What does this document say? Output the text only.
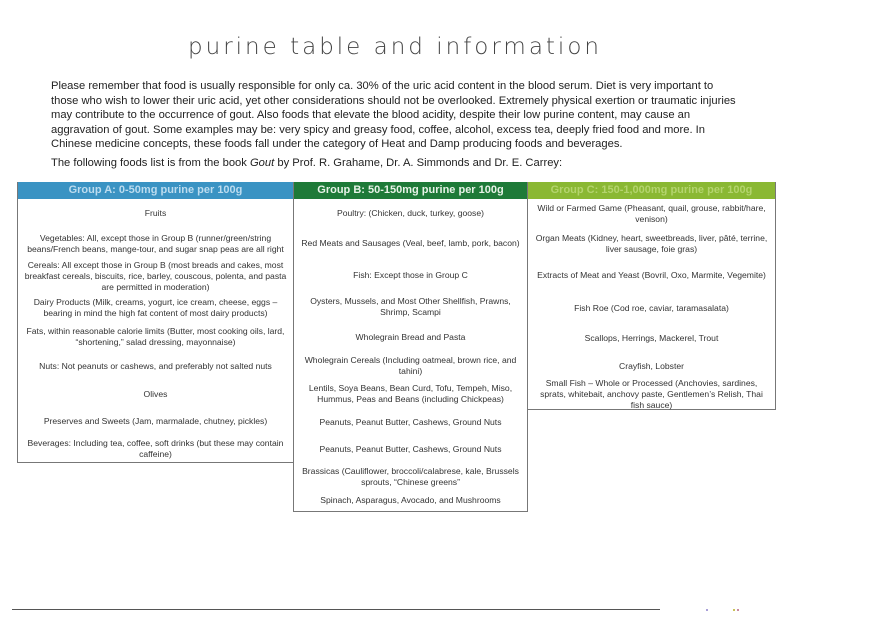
purine table and information
Please remember that food is usually responsible for only ca. 30% of the uric acid content in the blood serum. Diet is very important to those who wish to lower their uric acid, yet other considerations should not be overlooked. Extremely physical exertion or traumatic injuries may contribute to the occurrence of gout. Also foods that elevate the blood acidity, despite their low purine content, may cause an aggravation of gout. Some examples may be: very spicy and greasy food, coffee, alcohol, excess tea, deeply fried food and more. In Chinese medicine concepts, these foods fall under the category of Heat and Damp producing foods and beverages.
The following foods list is from the book Gout by Prof. R. Grahame, Dr. A. Simmonds and Dr. E. Carrey:
Group A: 0-50mg purine per 100g
Fruits
Vegetables: All, except those in Group B (runner/green/string beans/French beans, mange-tour, and sugar snap peas are all right
Cereals: All except those in Group B (most breads and cakes, most breakfast cereals, biscuits, rice, barley, couscous, polenta, and pasta are permitted in moderation)
Dairy Products (Milk, creams, yogurt, ice cream, cheese, eggs – bearing in mind the high fat content of most dairy products)
Fats, within reasonable calorie limits (Butter, most cooking oils, lard, “shortening,” salad dressing, mayonnaise)
Nuts: Not peanuts or cashews, and preferably not salted nuts
Olives
Preserves and Sweets (Jam, marmalade, chutney, pickles)
Beverages: Including tea, coffee, soft drinks (but these may contain caffeine)
Group B: 50-150mg purine per 100g
Poultry: (Chicken, duck, turkey, goose)
Red Meats and Sausages (Veal, beef, lamb, pork, bacon)
Fish: Except those in Group C
Oysters, Mussels, and Most Other Shellfish, Prawns, Shrimp, Scampi
Wholegrain Bread and Pasta
Wholegrain Cereals (Including oatmeal, brown rice, and tahini)
Lentils, Soya Beans, Bean Curd, Tofu, Tempeh, Miso, Hummus, Peas and Beans (including Chickpeas)
Peanuts, Peanut Butter, Cashews, Ground Nuts
Peanuts, Peanut Butter, Cashews, Ground Nuts
Brassicas (Cauliflower, broccoli/calabrese, kale, Brussels sprouts, “Chinese greens”
Spinach, Asparagus, Avocado, and Mushrooms
Group C: 150-1,000mg purine per 100g
Wild or Farmed Game (Pheasant, quail, grouse, rabbit/hare, venison)
Organ Meats (Kidney, heart, sweetbreads, liver, pâté, terrine, liver sausage, foie gras)
Extracts of Meat and Yeast (Bovril, Oxo, Marmite, Vegemite)
Fish Roe (Cod roe, caviar, taramasalata)
Scallops, Herrings, Mackerel, Trout
Crayfish, Lobster
Small Fish – Whole or Processed (Anchovies, sardines, sprats, whitebait, anchovy paste, Gentlemen’s Relish, Thai fish sauce)
